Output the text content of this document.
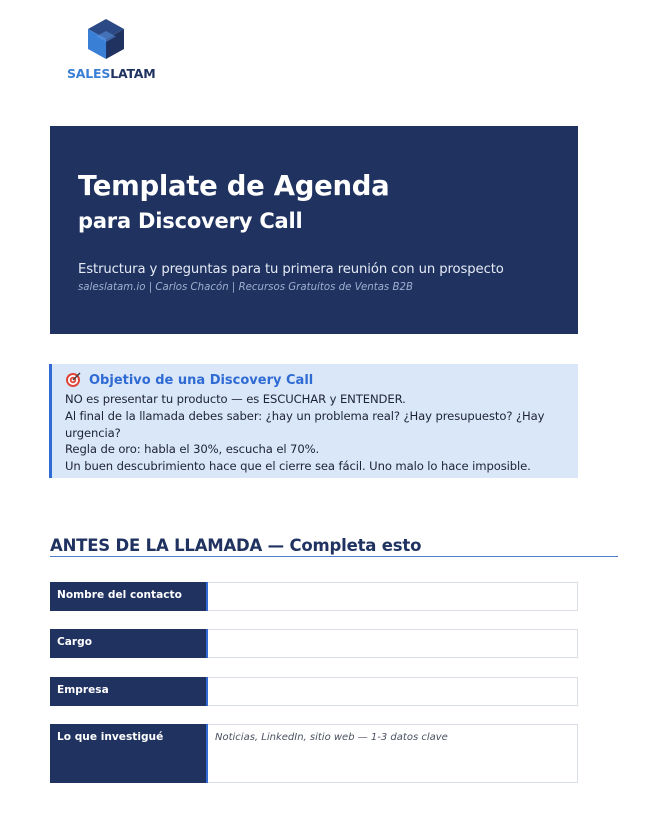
SALESLATAM
Template de Agenda
para Discovery Call
Estructura y preguntas para tu primera reunión con un prospecto
saleslatam.io | Carlos Chacón | Recursos Gratuitos de Ventas B2B
Objetivo de una Discovery Call
NO es presentar tu producto — es ESCUCHAR y ENTENDER.
Al final de la llamada debes saber: ¿hay un problema real? ¿Hay presupuesto? ¿Hay urgencia?
Regla de oro: habla el 30%, escucha el 70%.
Un buen descubrimiento hace que el cierre sea fácil. Uno malo lo hace imposible.
ANTES DE LA LLAMADA — Completa esto
Nombre del contacto
Cargo
Empresa
Lo que investigué	Noticias, LinkedIn, sitio web — 1-3 datos clave
